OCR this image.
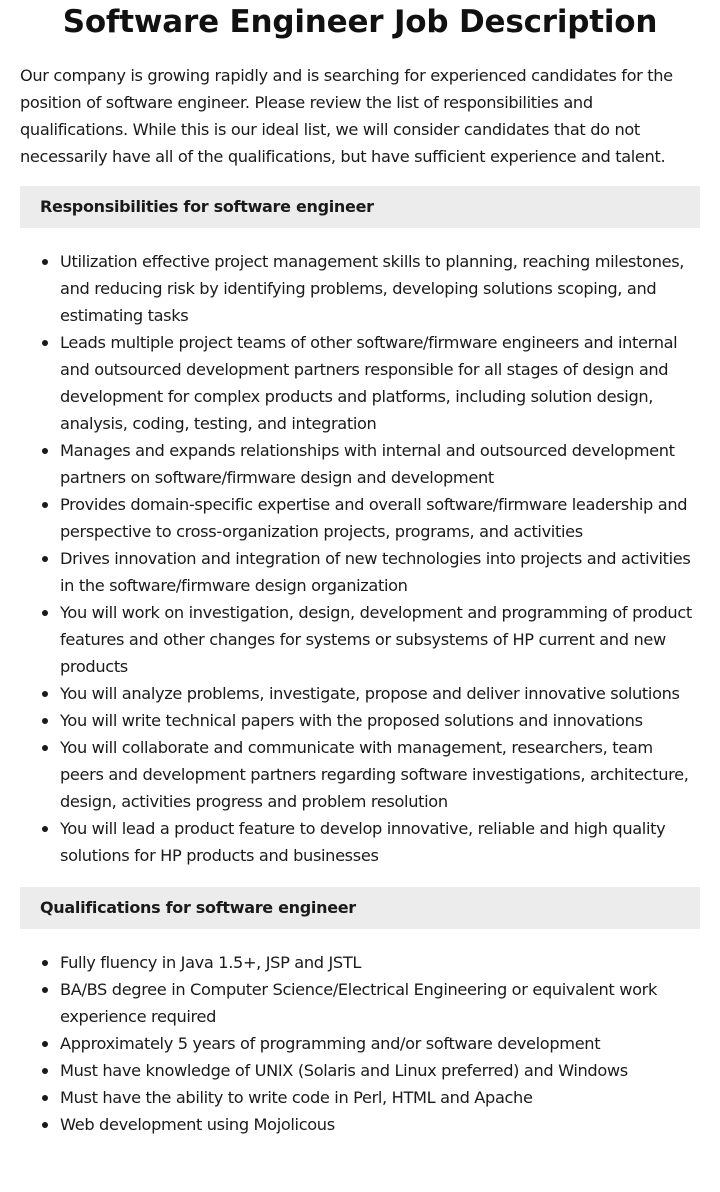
Software Engineer Job Description

Our company is growing rapidly and is searching for experienced candidates for the position of software engineer. Please review the list of responsibilities and qualifications. While this is our ideal list, we will consider candidates that do not necessarily have all of the qualifications, but have sufficient experience and talent.

Responsibilities for software engineer
Utilization effective project management skills to planning, reaching milestones, and reducing risk by identifying problems, developing solutions scoping, and estimating tasks
Leads multiple project teams of other software/firmware engineers and internal and outsourced development partners responsible for all stages of design and development for complex products and platforms, including solution design, analysis, coding, testing, and integration
Manages and expands relationships with internal and outsourced development partners on software/firmware design and development
Provides domain-specific expertise and overall software/firmware leadership and perspective to cross-organization projects, programs, and activities
Drives innovation and integration of new technologies into projects and activities in the software/firmware design organization
You will work on investigation, design, development and programming of product features and other changes for systems or subsystems of HP current and new products
You will analyze problems, investigate, propose and deliver innovative solutions
You will write technical papers with the proposed solutions and innovations
You will collaborate and communicate with management, researchers, team peers and development partners regarding software investigations, architecture, design, activities progress and problem resolution
You will lead a product feature to develop innovative, reliable and high quality solutions for HP products and businesses
Qualifications for software engineer
Fully fluency in Java 1.5+, JSP and JSTL
BA/BS degree in Computer Science/Electrical Engineering or equivalent work experience required
Approximately 5 years of programming and/or software development
Must have knowledge of UNIX (Solaris and Linux preferred) and Windows
Must have the ability to write code in Perl, HTML and Apache
Web development using Mojolicous
